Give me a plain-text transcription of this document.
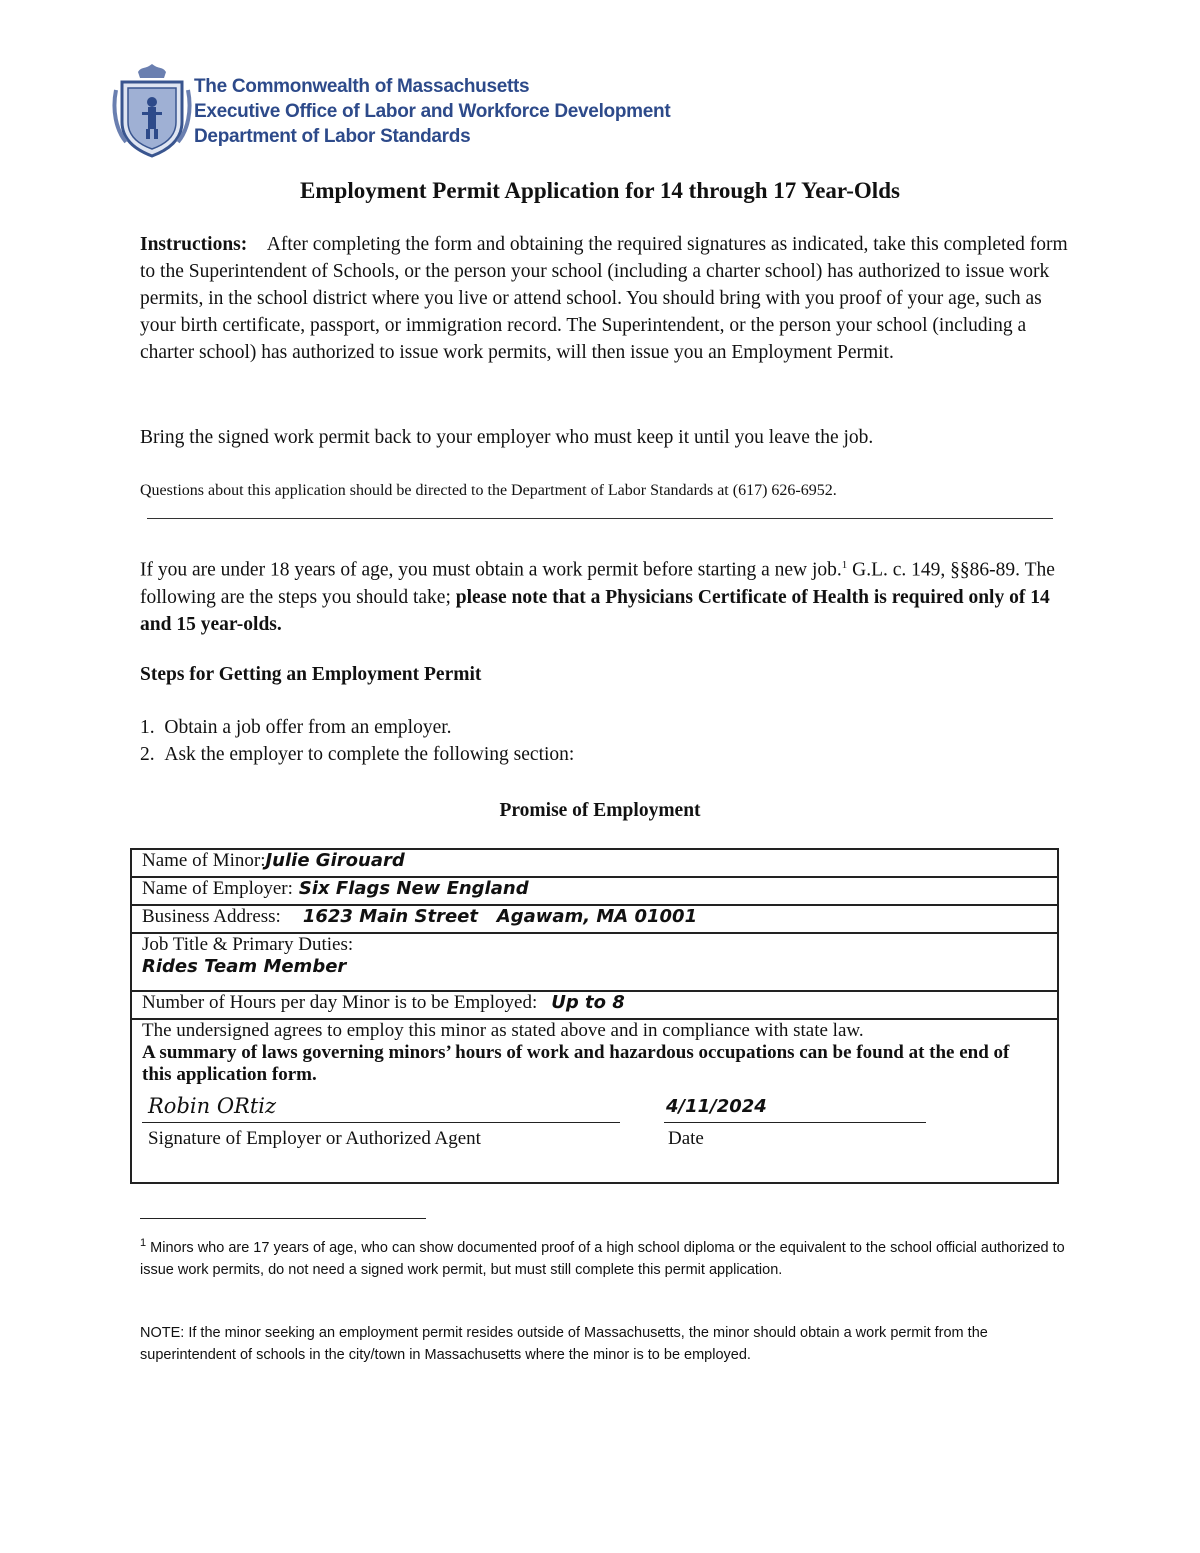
The Commonwealth of Massachusetts
Executive Office of Labor and Workforce Development
Department of Labor Standards
Employment Permit Application for 14 through 17 Year-Olds
Instructions: After completing the form and obtaining the required signatures as indicated, take this completed form to the Superintendent of Schools, or the person your school (including a charter school) has authorized to issue work permits, in the school district where you live or attend school. You should bring with you proof of your age, such as your birth certificate, passport, or immigration record. The Superintendent, or the person your school (including a charter school) has authorized to issue work permits, will then issue you an Employment Permit.
Bring the signed work permit back to your employer who must keep it until you leave the job.
Questions about this application should be directed to the Department of Labor Standards at (617) 626-6952.
If you are under 18 years of age, you must obtain a work permit before starting a new job.$^1$ G.L. c. 149, §§86-89. The following are the steps you should take; please note that a Physicians Certificate of Health is required only of 14 and 15 year-olds.
Steps for Getting an Employment Permit
1. Obtain a job offer from an employer.
2. Ask the employer to complete the following section:
Promise of Employment
Name of Minor:Julie Girouard
Name of Employer: Six Flags New England
Business Address: 1623 Main Street   Agawam, MA 01001

Job Title & Primary Duties:
Rides Team Member

Number of Hours per day Minor is to be Employed: Up to 8

The undersigned agrees to employ this minor as stated above and in compliance with state law.
A summary of laws governing minors’ hours of work and hazardous occupations can be found at the end of this application form.
Robin ORtiz	4/11/2024
Signature of Employer or Authorized Agent	Date
$^1$ Minors who are 17 years of age, who can show documented proof of a high school diploma or the equivalent to the school official authorized to issue work permits, do not need a signed work permit, but must still complete this permit application.
NOTE: If the minor seeking an employment permit resides outside of Massachusetts, the minor should obtain a work permit from the superintendent of schools in the city/town in Massachusetts where the minor is to be employed.
